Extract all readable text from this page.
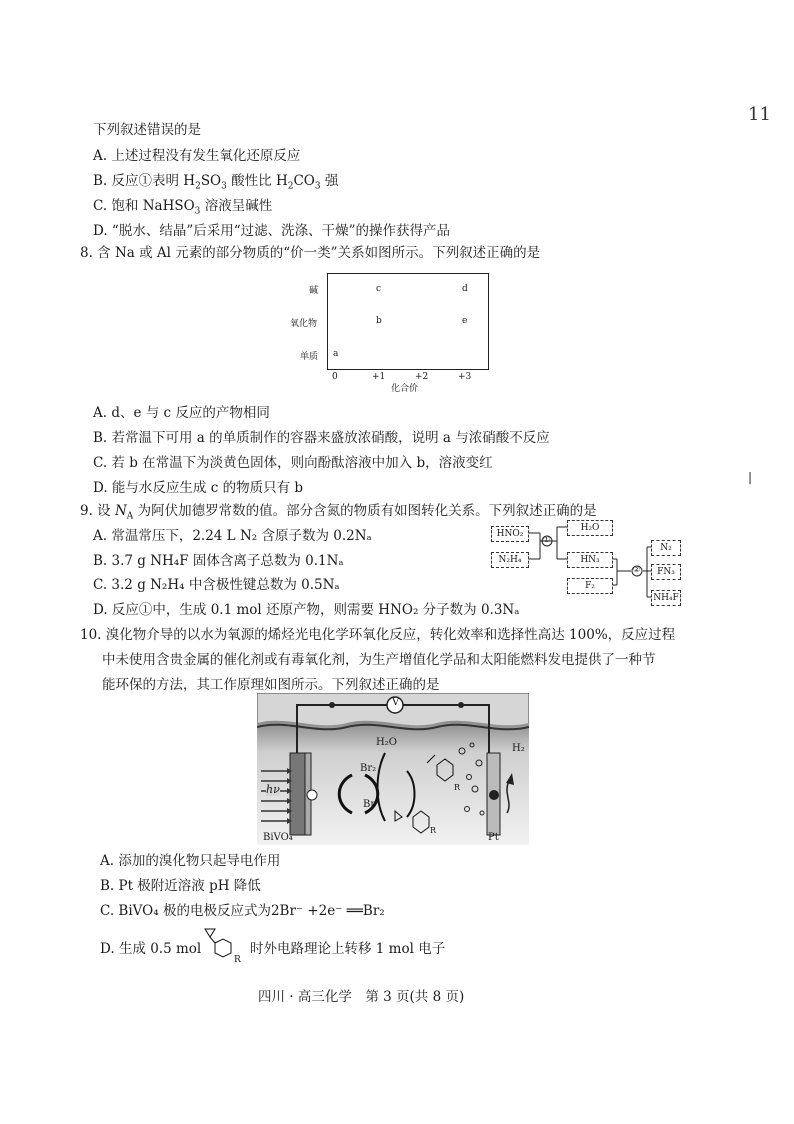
11
|
下列叙述错误的是
A. 上述过程没有发生氧化还原反应
B. 反应①表明 $H_2SO_3$ 酸性比 $H_2CO_3$ 强
C. 饱和 NaHSO$_3$ 溶液呈碱性
D. “脱水、结晶”后采用“过滤、洗涤、干燥”的操作获得产品
8. 含 Na 或 Al 元素的部分物质的“价一类”关系如图所示。下列叙述正确的是
碱
氧化物
单质 a
b
c	d
e
0	+1	+2	+3
化合价
A. d、e 与 c 反应的产物相同
B. 若常温下可用 a 的单质制作的容器来盛放浓硝酸，说明 a 与浓硝酸不反应
C. 若 b 在常温下为淡黄色固体，则向酚酞溶液中加入 b，溶液变红
D. 能与水反应生成 c 的物质只有 b
9. 设 $N_A$ 为阿伏加德罗常数的值。部分含氮的物质有如图转化关系。下列叙述正确的是
A. 常温常压下，2.24 L N₂ 含原子数为 0.2Nₐ
B. 3.7 g NH₄F 固体含离子总数为 0.1Nₐ
C. 3.2 g N₂H₄ 中含极性键总数为 0.5Nₐ
D. 反应①中，生成 0.1 mol 还原产物，则需要 HNO₂ 分子数为 0.3Nₐ
HNO₂
N₂H₄
①
H₂O
HN₃
F₂
②
N₂
FN₃
NH₄F
10. 溴化物介导的以水为氧源的烯烃光电化学环氧化反应，转化效率和选择性高达 100%，反应过程
中未使用含贵金属的催化剂或有毒氧化剂，为生产增值化学品和太阳能燃料发电提供了一种节
能环保的方法，其工作原理如图所示。下列叙述正确的是
V
H₂O
Br₂
Br⁻
hν
H₂
BiVO₄	Pt
R
R
A. 添加的溴化物只起导电作用
B. Pt 极附近溶液 pH 降低
C. BiVO₄ 极的电极反应式为2Br⁻ +2e⁻ ══Br₂
D. 生成 0.5 mol
R
时外电路理论上转移 1 mol 电子
四川 · 高三化学　第 3 页(共 8 页)
